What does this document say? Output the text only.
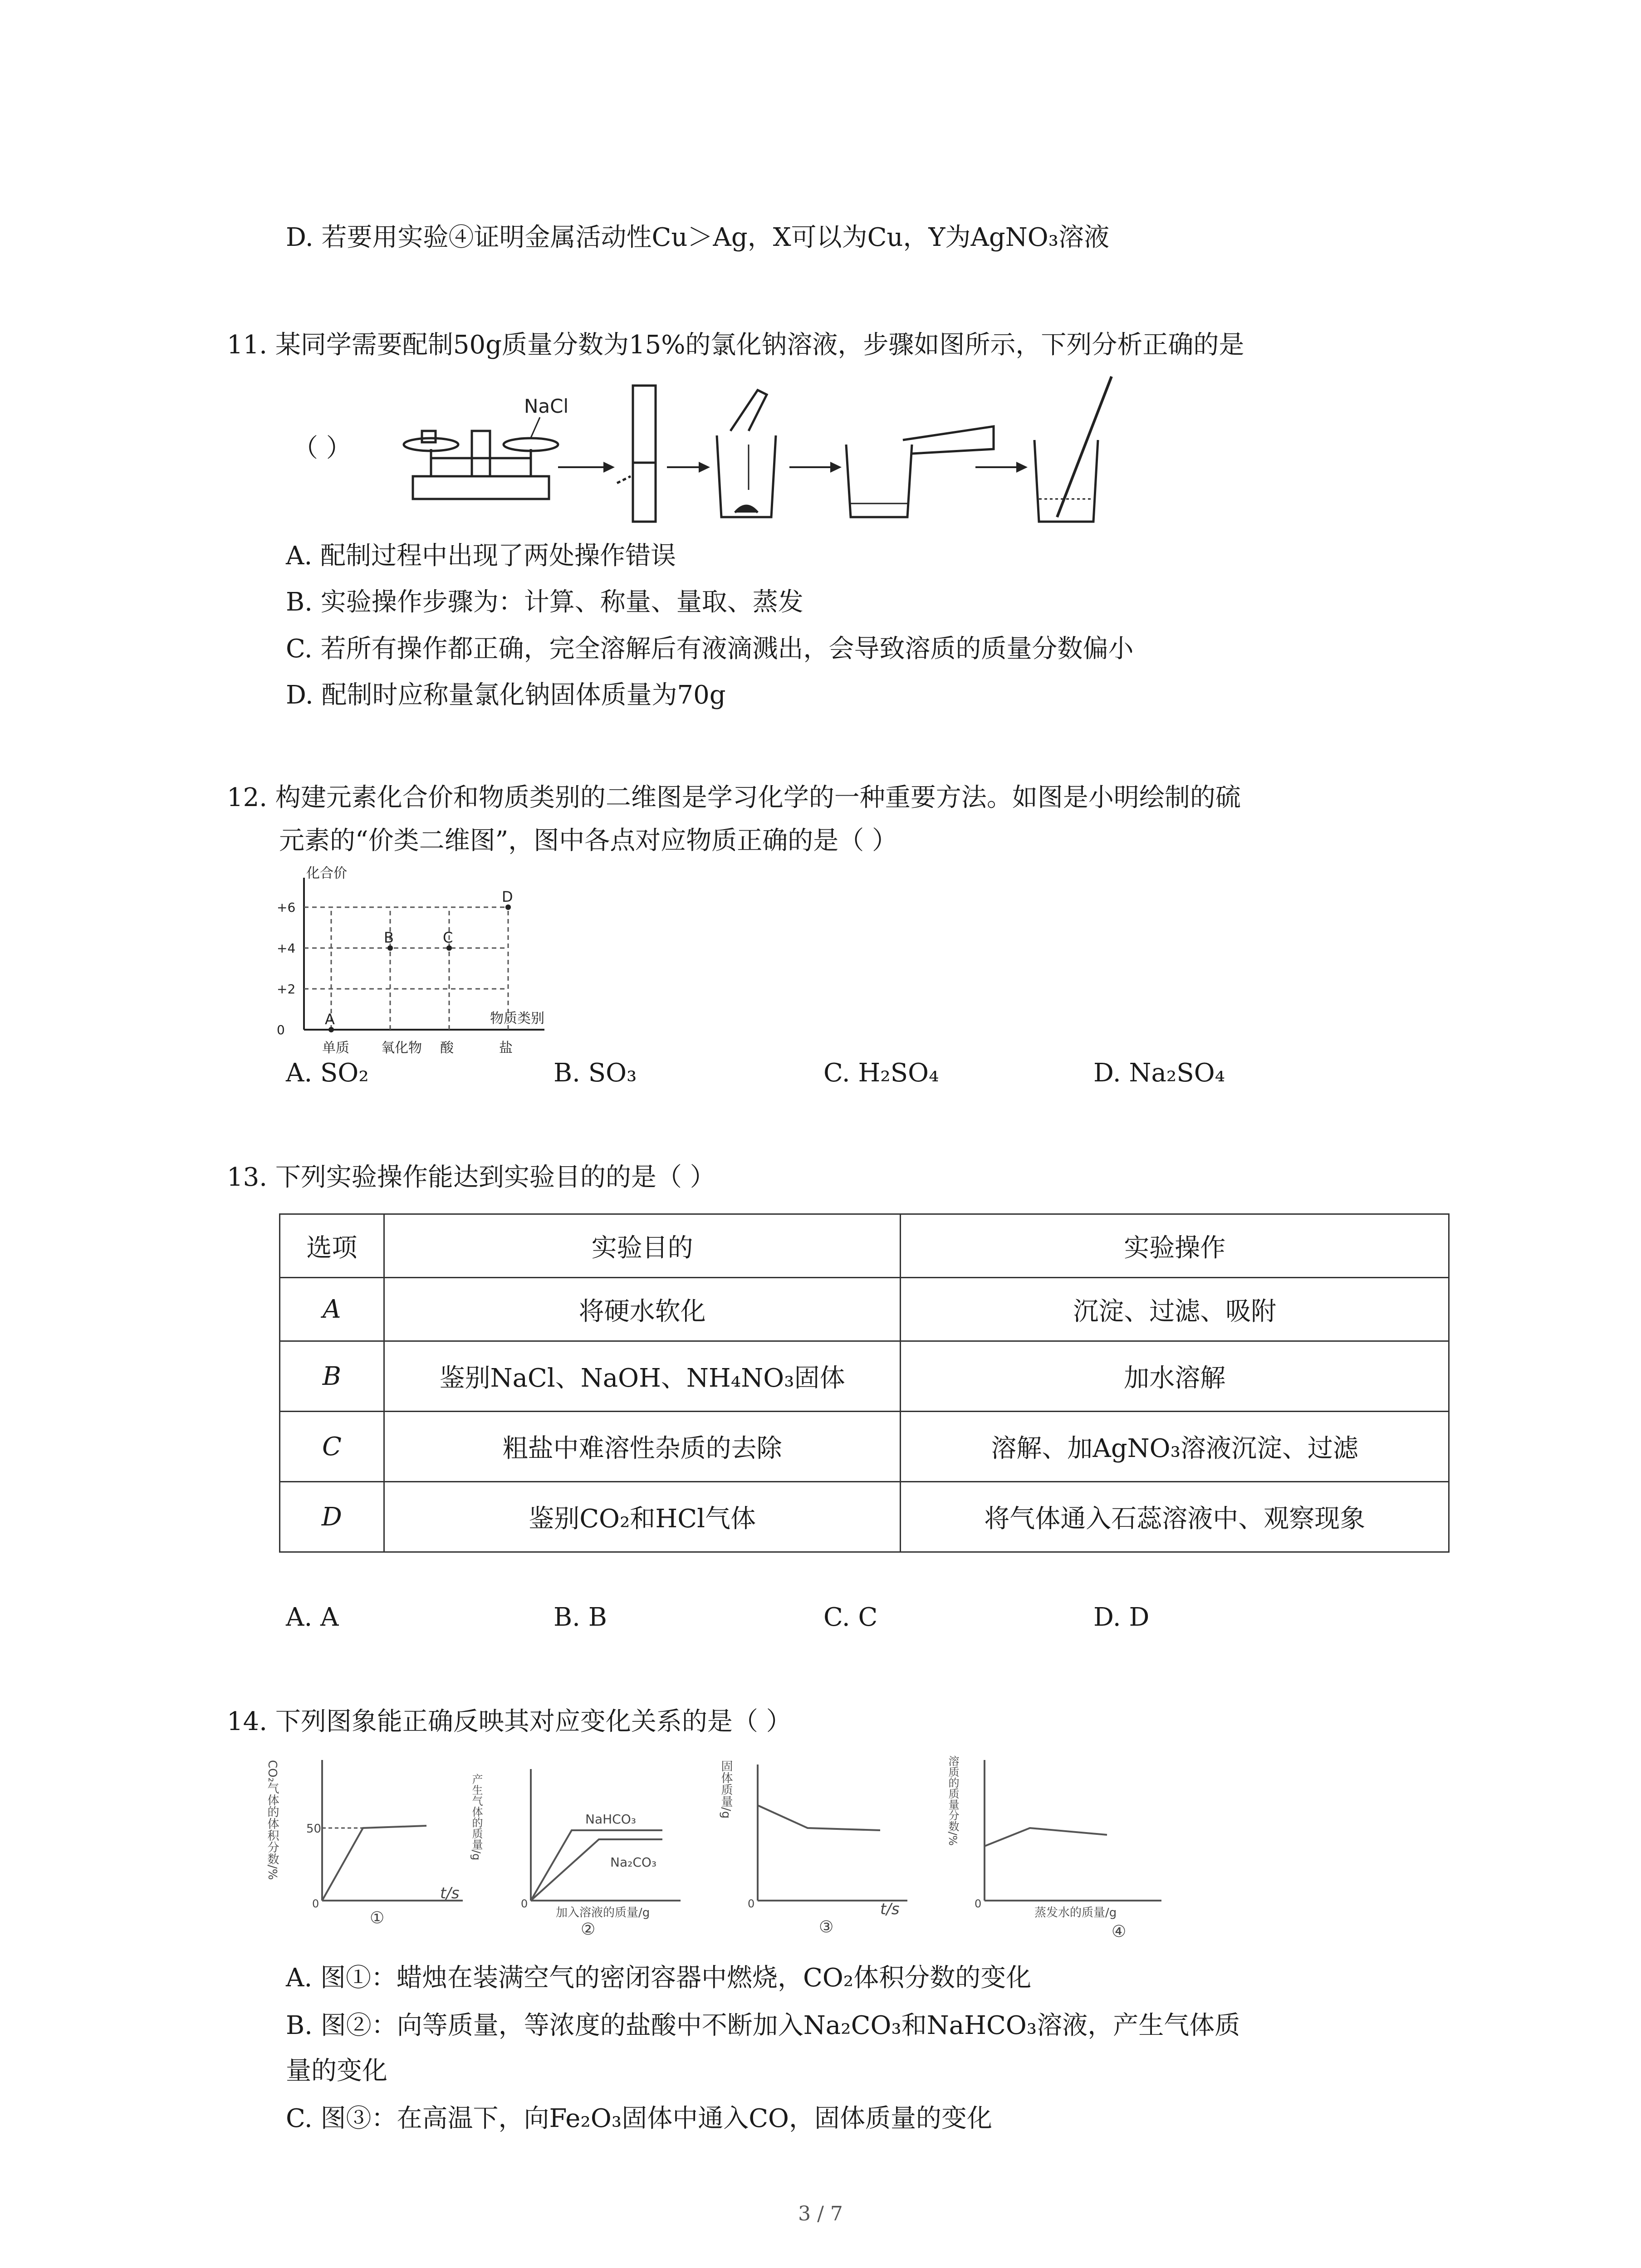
D. 若要用实验④证明金属活动性Cu＞Ag，X可以为Cu，Y为AgNO₃溶液
11. 某同学需要配制50g质量分数为15%的氯化钠溶液，步骤如图所示，下列分析正确的是
（ ）
NaCl
A. 配制过程中出现了两处操作错误
B. 实验操作步骤为：计算、称量、量取、蒸发
C. 若所有操作都正确，完全溶解后有液滴溅出，会导致溶质的质量分数偏小
D. 配制时应称量氯化钠固体质量为70g
12. 构建元素化合价和物质类别的二维图是学习化学的一种重要方法。如图是小明绘制的硫
元素的“价类二维图”，图中各点对应物质正确的是（ ）
化合价
物质类别
+6
+4
+2
0
单质 氧化物 酸	盐
A
B	C
D
A. SO₂	B. SO₃	C. H₂SO₄	D. Na₂SO₄
13. 下列实验操作能达到实验目的的是（ ）
选项	实验目的	实验操作
A	将硬水软化	沉淀、过滤、吸附
B	鉴别NaCl、NaOH、NH₄NO₃固体	加水溶解
C	粗盐中难溶性杂质的去除	溶解、加AgNO₃溶液沉淀、过滤
D	鉴别CO₂和HCl气体	将气体通入石蕊溶液中、观察现象
A. A	B. B	C. C	D. D
14. 下列图象能正确反映其对应变化关系的是（ ）
CO₂气体的体积分数/% 50
0
t/s
①
产生气体的质量/g	NaHCO₃
Na₂CO₃
0
加入溶液的质量/g
②
固体质量/g
0	t/s
③
溶质的质量分数/%
0
蒸发水的质量/g
④
A. 图①：蜡烛在装满空气的密闭容器中燃烧，CO₂体积分数的变化
B. 图②：向等质量，等浓度的盐酸中不断加入Na₂CO₃和NaHCO₃溶液，产生气体质
量的变化
C. 图③：在高温下，向Fe₂O₃固体中通入CO，固体质量的变化
3 / 7
